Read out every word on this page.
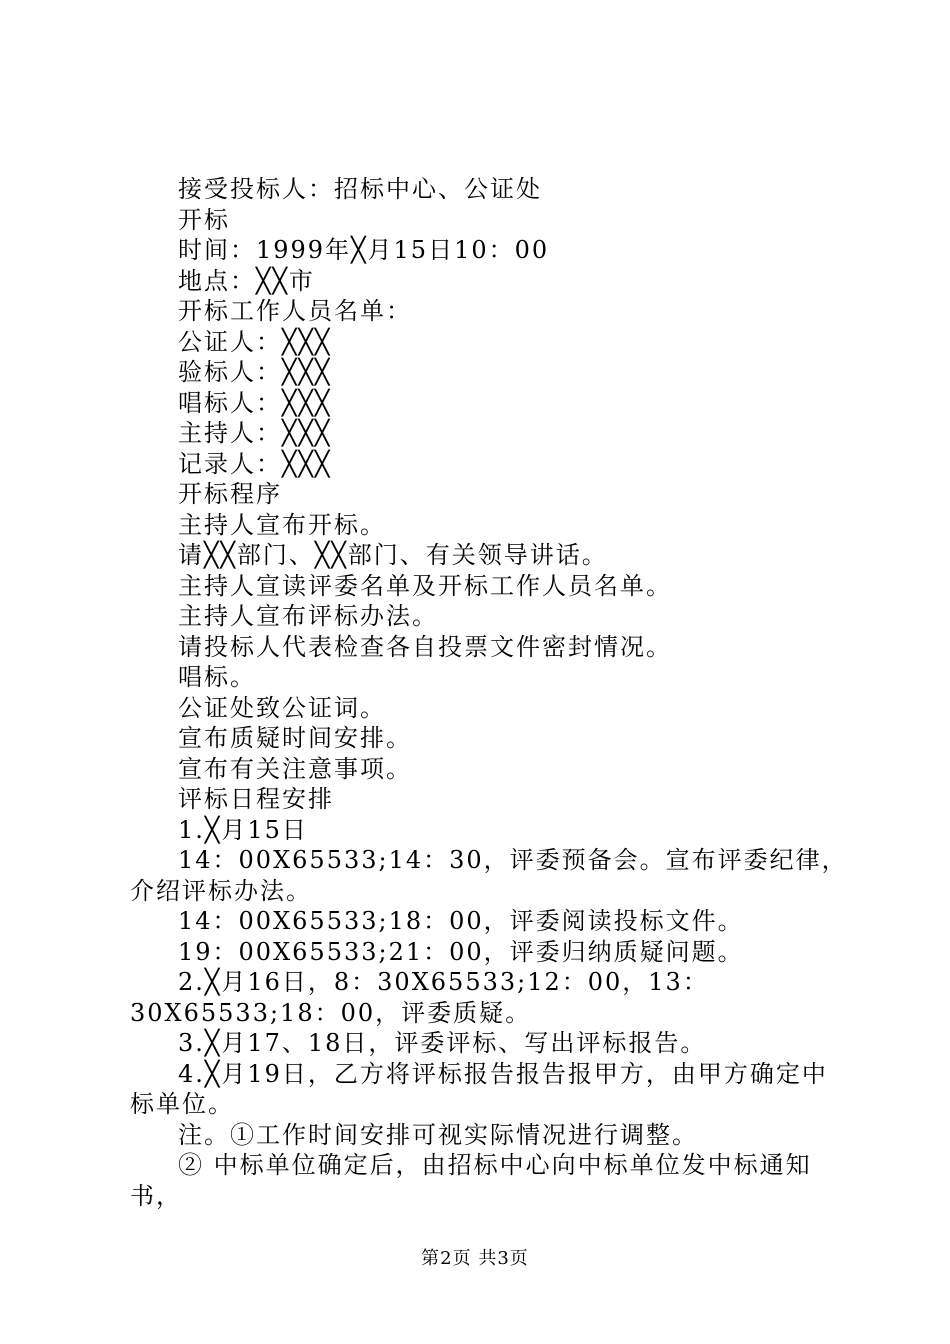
接受投标人：招标中心、公证处
开标
时间：1999年╳月15日10：00
地点：╳╳市
开标工作人员名单：
公证人：╳╳╳
验标人：╳╳╳
唱标人：╳╳╳
主持人：╳╳╳
记录人：╳╳╳
开标程序
主持人宣布开标。
请╳╳部门、╳╳部门、有关领导讲话。
主持人宣读评委名单及开标工作人员名单。
主持人宣布评标办法。
请投标人代表检查各自投票文件密封情况。
唱标。
公证处致公证词。
宣布质疑时间安排。
宣布有关注意事项。
评标日程安排
1.╳月15日
14：00X65533;14：30，评委预备会。宣布评委纪律，介绍评标办法。
14：00X65533;18：00，评委阅读投标文件。
19：00X65533;21：00，评委归纳质疑问题。
2.╳月16日，8：30X65533;12：00，13：30X65533;18：00，评委质疑。
3.╳月17、18日，评委评标、写出评标报告。
4.╳月19日，乙方将评标报告报告报甲方，由甲方确定中标单位。
注。①工作时间安排可视实际情况进行调整。
② 中标单位确定后，由招标中心向中标单位发中标通知书，
第2页 共3页
